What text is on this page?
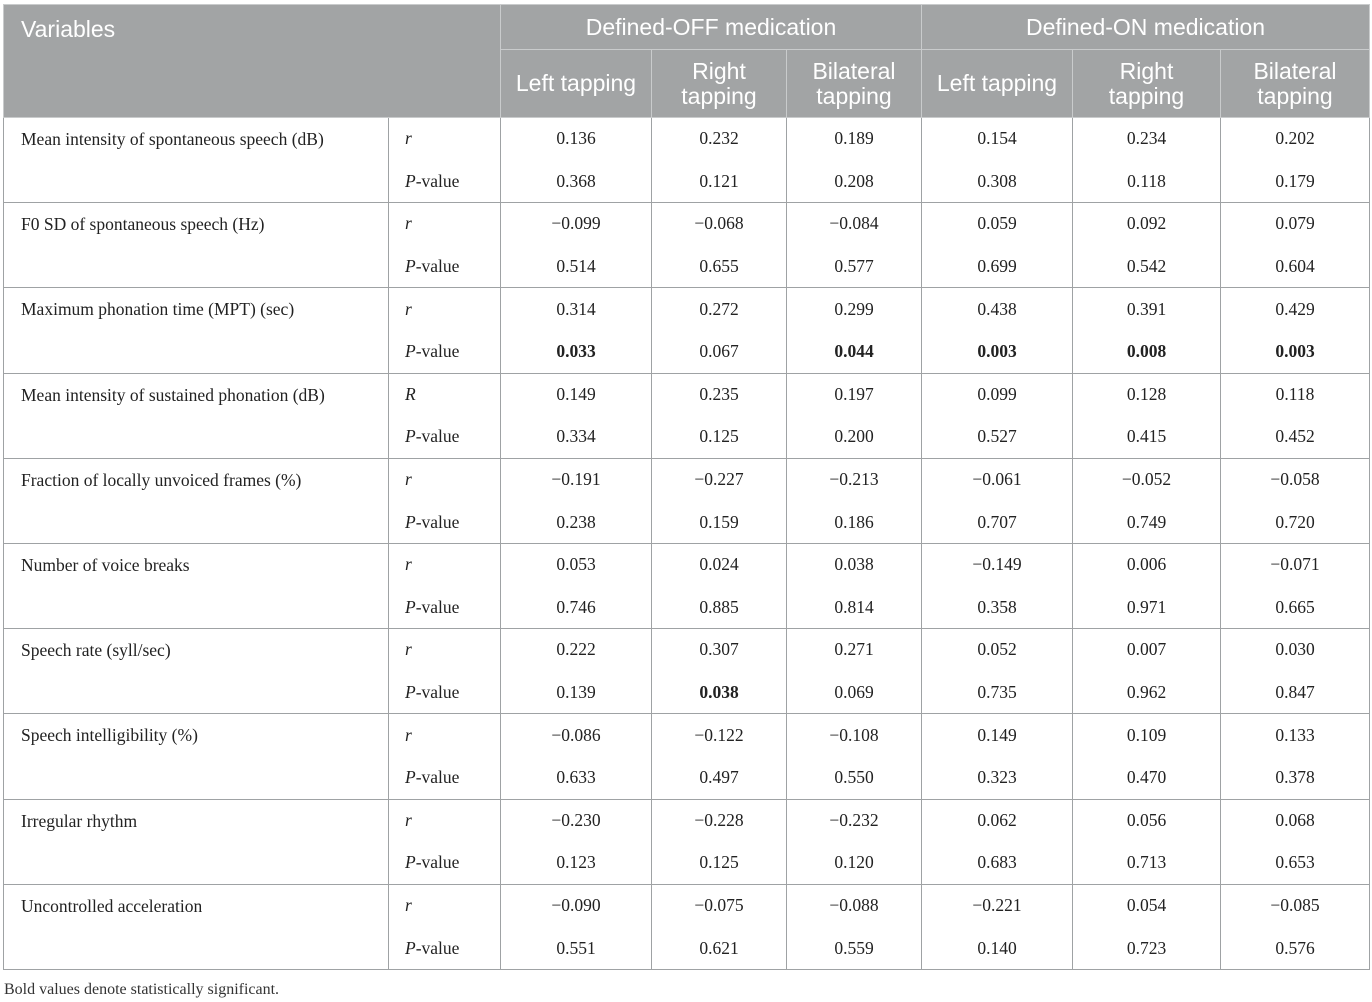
Variables		Defined-OFF medication			Defined-ON medication		
		Left tapping	Right tapping	Bilateral tapping	Left tapping	Right tapping	Bilateral tapping
Mean intensity of spontaneous speech (dB)	r	0.136	0.232	0.189	0.154	0.234	0.202
	P-value	0.368	0.121	0.208	0.308	0.118	0.179
F0 SD of spontaneous speech (Hz)	r	−0.099	−0.068	−0.084	0.059	0.092	0.079
	P-value	0.514	0.655	0.577	0.699	0.542	0.604
Maximum phonation time (MPT) (sec)	r	0.314	0.272	0.299	0.438	0.391	0.429
	P-value	0.033	0.067	0.044	0.003	0.008	0.003
Mean intensity of sustained phonation (dB)	R	0.149	0.235	0.197	0.099	0.128	0.118
	P-value	0.334	0.125	0.200	0.527	0.415	0.452
Fraction of locally unvoiced frames (%)	r	−0.191	−0.227	−0.213	−0.061	−0.052	−0.058
	P-value	0.238	0.159	0.186	0.707	0.749	0.720
Number of voice breaks	r	0.053	0.024	0.038	−0.149	0.006	−0.071
	P-value	0.746	0.885	0.814	0.358	0.971	0.665
Speech rate (syll/sec)	r	0.222	0.307	0.271	0.052	0.007	0.030
	P-value	0.139	0.038	0.069	0.735	0.962	0.847
Speech intelligibility (%)	r	−0.086	−0.122	−0.108	0.149	0.109	0.133
	P-value	0.633	0.497	0.550	0.323	0.470	0.378
Irregular rhythm	r	−0.230	−0.228	−0.232	0.062	0.056	0.068
	P-value	0.123	0.125	0.120	0.683	0.713	0.653
Uncontrolled acceleration	r	−0.090	−0.075	−0.088	−0.221	0.054	−0.085
	P-value	0.551	0.621	0.559	0.140	0.723	0.576
Bold values denote statistically significant.
